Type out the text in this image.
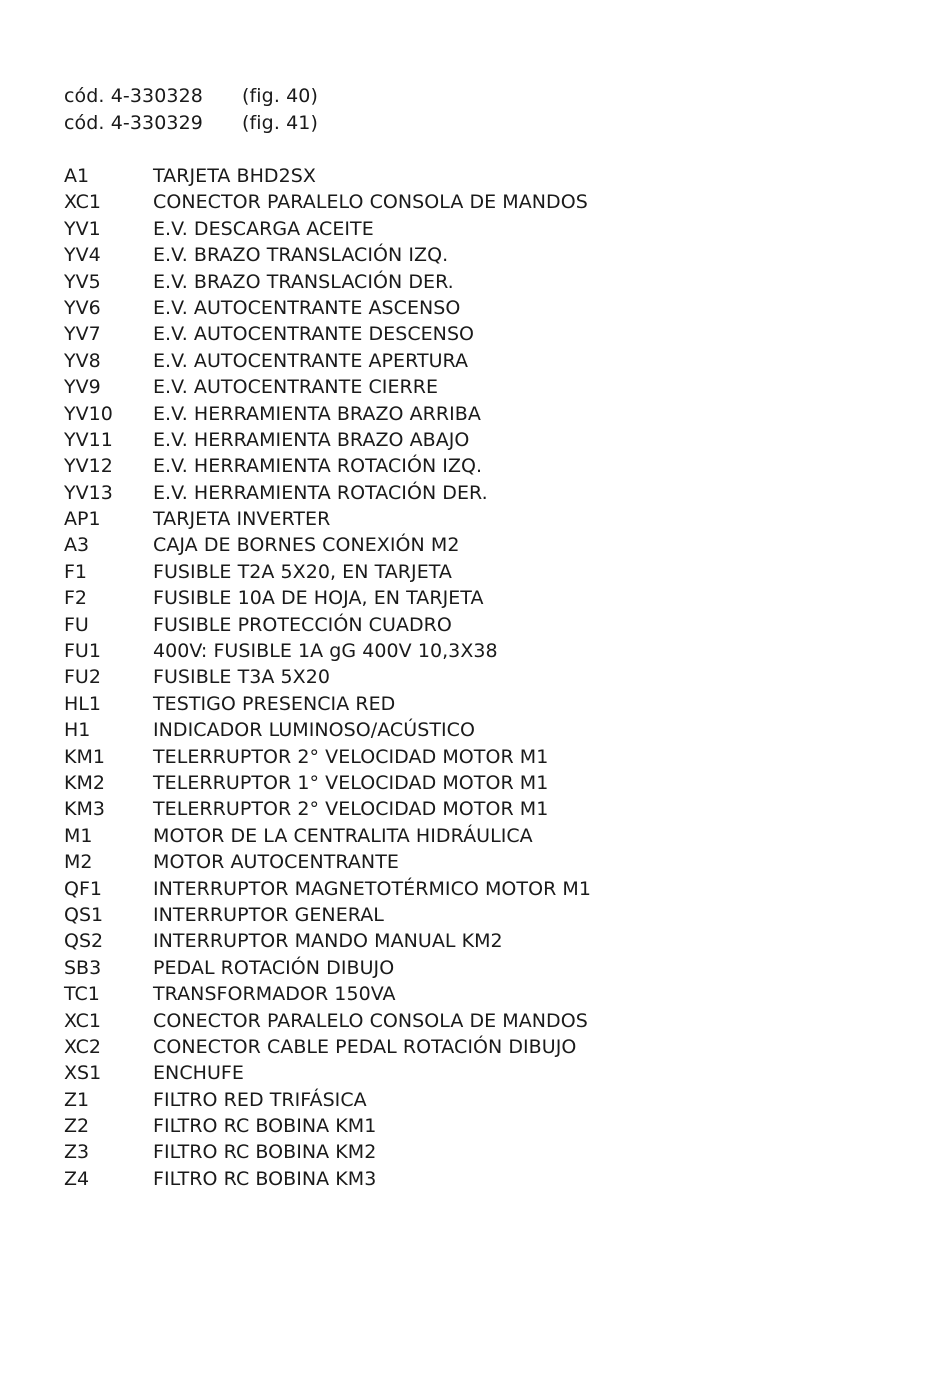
cód. 4-330328	(fig. 40)
cód. 4-330329	(fig. 41)
A1	TARJETA BHD2SX
XC1	CONECTOR PARALELO CONSOLA DE MANDOS
YV1	E.V. DESCARGA ACEITE
YV4	E.V. BRAZO TRANSLACIÓN IZQ.
YV5	E.V. BRAZO TRANSLACIÓN DER.
YV6	E.V. AUTOCENTRANTE ASCENSO
YV7	E.V. AUTOCENTRANTE DESCENSO
YV8	E.V. AUTOCENTRANTE APERTURA
YV9	E.V. AUTOCENTRANTE CIERRE
YV10	E.V. HERRAMIENTA BRAZO ARRIBA
YV11	E.V. HERRAMIENTA BRAZO ABAJO
YV12	E.V. HERRAMIENTA ROTACIÓN IZQ.
YV13	E.V. HERRAMIENTA ROTACIÓN DER.
AP1	TARJETA INVERTER
A3	CAJA DE BORNES CONEXIÓN M2
F1	FUSIBLE T2A 5X20, EN TARJETA
F2	FUSIBLE 10A DE HOJA, EN TARJETA
FU	FUSIBLE PROTECCIÓN CUADRO
FU1	400V: FUSIBLE 1A gG 400V 10,3X38
FU2	FUSIBLE T3A 5X20
HL1	TESTIGO PRESENCIA RED
H1	INDICADOR LUMINOSO/ACÚSTICO
KM1	TELERRUPTOR 2° VELOCIDAD MOTOR M1
KM2	TELERRUPTOR 1° VELOCIDAD MOTOR M1
KM3	TELERRUPTOR 2° VELOCIDAD MOTOR M1
M1	MOTOR DE LA CENTRALITA HIDRÁULICA
M2	MOTOR AUTOCENTRANTE
QF1	INTERRUPTOR MAGNETOTÉRMICO MOTOR M1
QS1	INTERRUPTOR GENERAL
QS2	INTERRUPTOR MANDO MANUAL KM2
SB3	PEDAL ROTACIÓN DIBUJO
TC1	TRANSFORMADOR 150VA
XC1	CONECTOR PARALELO CONSOLA DE MANDOS
XC2	CONECTOR CABLE PEDAL ROTACIÓN DIBUJO
XS1	ENCHUFE
Z1	FILTRO RED TRIFÁSICA
Z2	FILTRO RC BOBINA KM1
Z3	FILTRO RC BOBINA KM2
Z4	FILTRO RC BOBINA KM3
